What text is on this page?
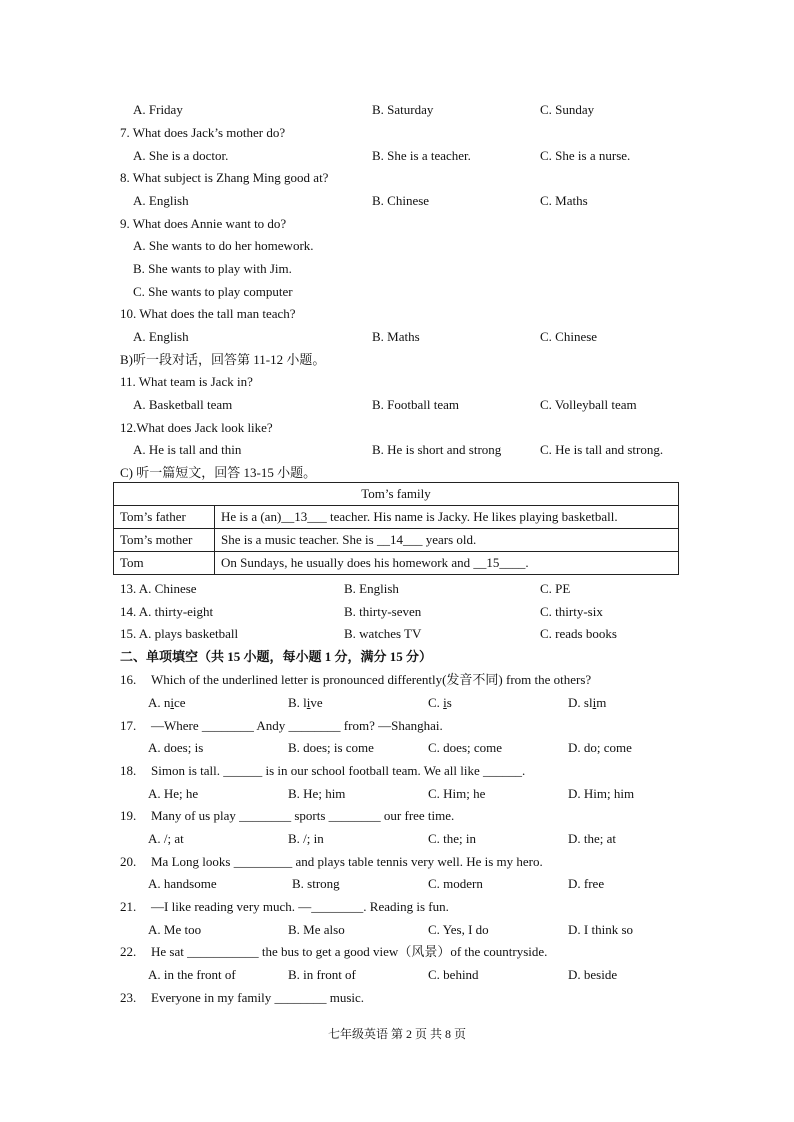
A. Friday	B. Saturday	C. Sunday
7. What does Jack’s mother do?
A. She is a doctor.	B. She is a teacher.	C. She is a nurse.
8. What subject is Zhang Ming good at?
A. English	B. Chinese	C. Maths
9. What does Annie want to do?
A. She wants to do her homework.
B. She wants to play with Jim.
C. She wants to play computer
10. What does the tall man teach?
A. English	B. Maths	C. Chinese
B)听一段对话，回答第 11-12 小题。
11. What team is Jack in?
A. Basketball team	B. Football team	C. Volleyball team
12.What does Jack look like?
A. He is tall and thin	B. He is short and strong	C. He is tall and strong.
C) 听一篇短文，回答 13-15 小题。
Tom’s family	
Tom’s father	He is a (an)__13___ teacher. His name is Jacky. He likes playing basketball.
Tom’s mother	She is a music teacher. She is __14___ years old.
Tom	On Sundays, he usually does his homework and __15____.
13. A. Chinese	B. English	C. PE
14. A. thirty-eight	B. thirty-seven	C. thirty-six
15. A. plays basketball	B. watches TV	C. reads books
二、单项填空（共 15 小题，每小题 1 分，满分 15 分）
16. Which of the underlined letter is pronounced differently(发音不同) from the others?
A. nice	B. live	C. is	D. slim
17. —Where ________ Andy ________ from? —Shanghai.
A. does; is	B. does; is come	C. does; come	D. do; come
18. Simon is tall. ______ is in our school football team. We all like ______.
A. He; he	B. He; him	C. Him; he	D. Him; him
19. Many of us play ________ sports ________ our free time.
A. /; at	B. /; in	C. the; in	D. the; at
20. Ma Long looks _________ and plays table tennis very well. He is my hero.
A. handsome	B. strong	C. modern	D. free
21. —I like reading very much. —________. Reading is fun.
A. Me too	B. Me also	C. Yes, I do	D. I think so
22. He sat ___________ the bus to get a good view（风景）of the countryside.
A. in the front of	B. in front of	C. behind	D. beside
23. Everyone in my family ________ music.
七年级英语 第 2 页 共 8 页
